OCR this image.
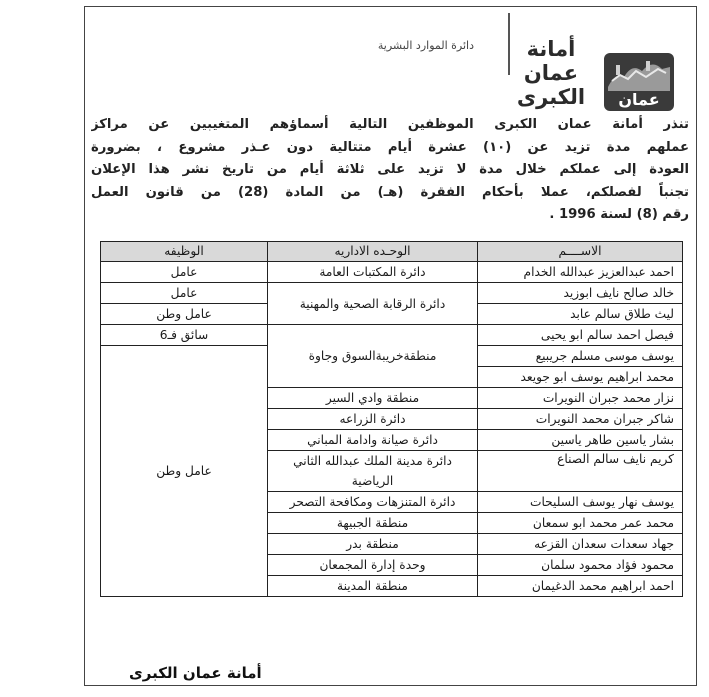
أمانة
عمان
الكبرى	عمان
دائرة الموارد البشرية
تنذر أمانة عمان الكبرى الموظفين التالية أسماؤهم المتغيبين عن مراكز
عملهم مدة تزيد عن (١٠) عشرة أيام متتالية دون عـذر مشروع ، بضرورة
العودة إلى عملكم خلال مدة لا تزيد على ثلاثة أيام من تاريخ نشر هذا الإعلان
تجنباً لفصلكم، عملا بأحكام الفقرة (هـ) من المادة (28) من قانون العمل
رقم (8) لسنة 1996 .
الاســــم	الوحـده الاداريه	الوظيفه
احمد عبدالعزيز عبدالله الخدام	دائرة المكتبات العامة	عامل
خالد صالح نايف ابوزيد	دائرة الرقابة الصحية والمهنية	عامل
ليث طلاق سالم عابد		عامل وطن
فيصل احمد سالم ابو يحيى	منطقةخريبةالسوق وجاوة	سائق فـ6
يوسف موسى مسلم جريبيع		عامل وطن
محمد ابراهيم يوسف ابو جويعد		
نزار محمد جبران النويرات	منطقة وادي السير	
شاكر جبران محمد النويرات	دائرة الزراعه	
بشار ياسين طاهر ياسين	دائرة صيانة وادامة المباني	
كريم نايف سالم الصناع	دائرة مدينة الملك عبدالله الثاني الرياضية	
يوسف نهار يوسف السليحات	دائرة المتنزهات ومكافحة التصحر	
محمد عمر محمد ابو سمعان	منطقة الجبيهة	
جهاد سعدات سعدان القزعه	منطقة بدر	
محمود فؤاد محمود سلمان	وحدة إدارة المجمعان	
احمد ابراهيم محمد الدغيمان	منطقة المدينة	
أمانة عمان الكبرى
